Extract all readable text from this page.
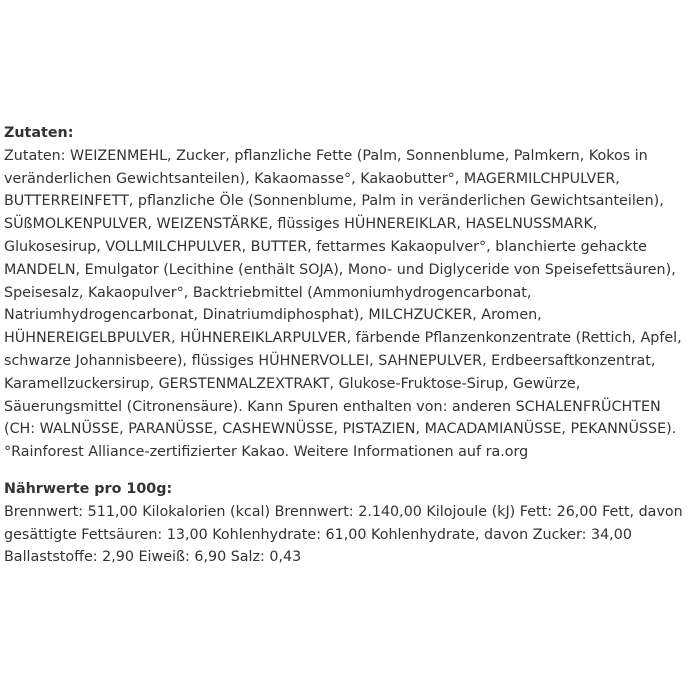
Zutaten:

Zutaten: WEIZENMEHL, Zucker, pflanzliche Fette (Palm, Sonnenblume, Palmkern, Kokos in veränderlichen Gewichtsanteilen), Kakaomasse°, Kakaobutter°, MAGERMILCHPULVER, BUTTERREINFETT, pflanzliche Öle (Sonnenblume, Palm in veränderlichen Gewichtsanteilen), SÜßMOLKENPULVER, WEIZENSTÄRKE, flüssiges HÜHNEREIKLAR, HASELNUSSMARK, Glukosesirup, VOLLMILCHPULVER, BUTTER, fettarmes Kakaopulver°, blanchierte gehackte MANDELN, Emulgator (Lecithine (enthält SOJA), Mono- und Diglyceride von Speisefettsäuren), Speisesalz, Kakaopulver°, Backtriebmittel (Ammoniumhydrogencarbonat, Natriumhydrogencarbonat, Dinatriumdiphosphat), MILCHZUCKER, Aromen, HÜHNEREIGELBPULVER, HÜHNEREIKLARPULVER, färbende Pflanzenkonzentrate (Rettich, Apfel, schwarze Johannisbeere), flüssiges HÜHNERVOLLEI, SAHNEPULVER, Erdbeersaftkonzentrat, Karamellzuckersirup, GERSTENMALZEXTRAKT, Glukose-Fruktose-Sirup, Gewürze, Säuerungsmittel (Citronensäure). Kann Spuren enthalten von: anderen SCHALENFRÜCHTEN (CH: WALNÜSSE, PARANÜSSE, CASHEWNÜSSE, PISTAZIEN, MACADAMIANÜSSE, PEKANNÜSSE).

°Rainforest Alliance-zertifizierter Kakao. Weitere Informationen auf ra.org

Nährwerte pro 100g:

Brennwert: 511,00 Kilokalorien (kcal) Brennwert: 2.140,00 Kilojoule (kJ) Fett: 26,00 Fett, davon gesättigte Fettsäuren: 13,00 Kohlenhydrate: 61,00 Kohlenhydrate, davon Zucker: 34,00 Ballaststoffe: 2,90 Eiweiß: 6,90 Salz: 0,43
